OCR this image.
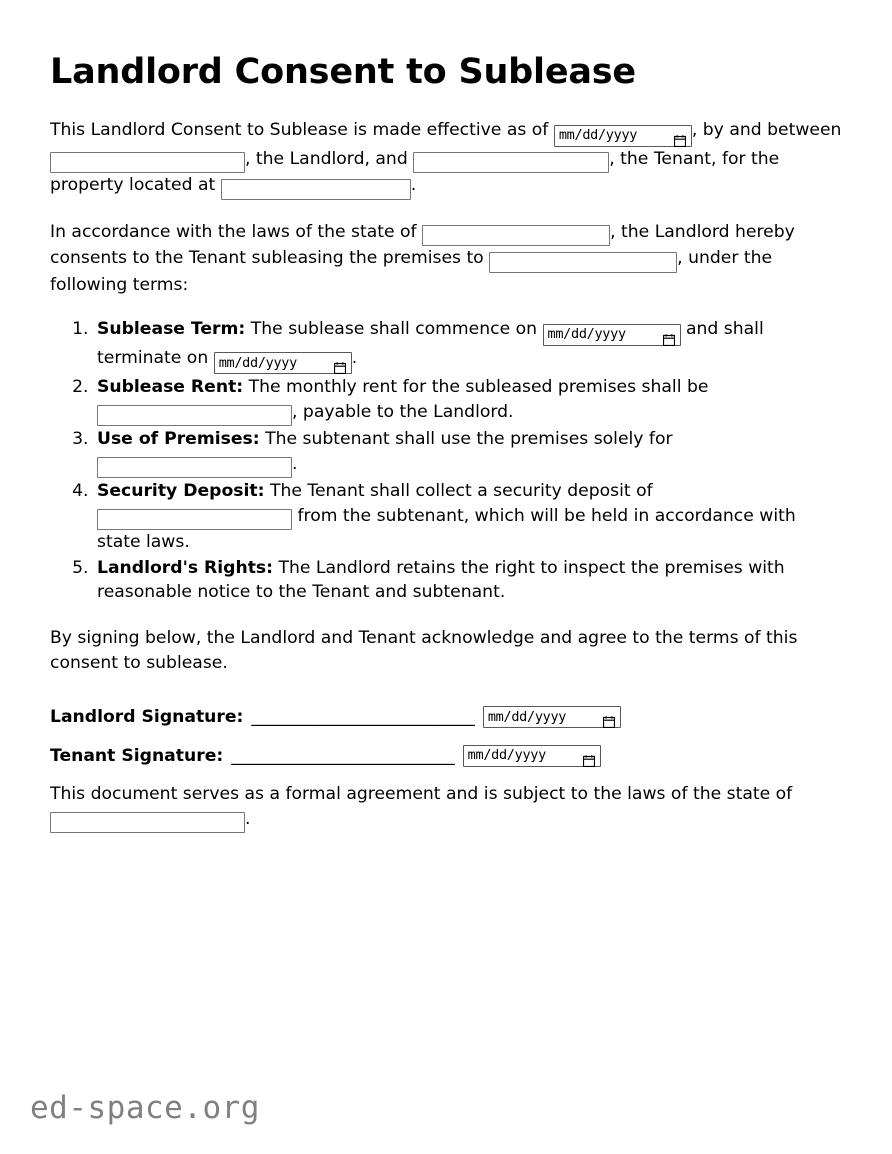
Landlord Consent to Sublease

This Landlord Consent to Sublease is made effective as of mm/dd/yyyy	, by and between , the Landlord, and	, the Tenant, for the property located at	.

In accordance with the laws of the state of	, the Landlord hereby consents to the Tenant subleasing the premises to	, under the following terms:

1. Sublease Term: The sublease shall commence on mm/dd/yyyy	and shall terminate on mm/dd/yyyy	.
2. Sublease Rent: The monthly rent for the subleased premises shall be , payable to the Landlord.
3. Use of Premises: The subtenant shall use the premises solely for .
4. Security Deposit: The Tenant shall collect a security deposit of  from the subtenant, which will be held in accordance with state laws.
5. Landlord's Rights: The Landlord retains the right to inspect the premises with reasonable notice to the Tenant and subtenant.

By signing below, the Landlord and Tenant acknowledge and agree to the terms of this consent to sublease.

Landlord Signature: __________________________ mm/dd/yyyy
Tenant Signature: __________________________ mm/dd/yyyy

This document serves as a formal agreement and is subject to the laws of the state of .

ed-space.org
